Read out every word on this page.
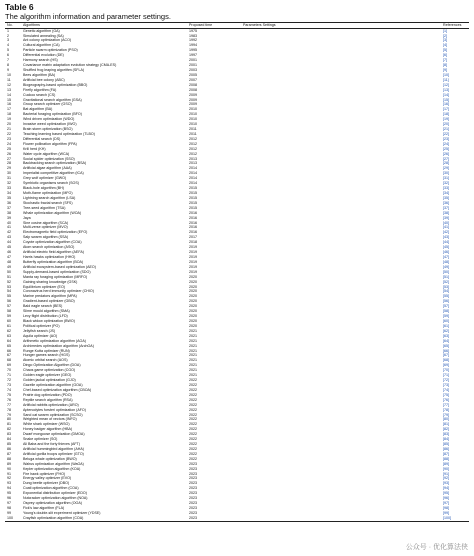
Table 6
The algorithm information and parameter settings.
No.	Algorithms	Proposed time	Parameters Settings	References
1	Genetic algorithm (GA)	1975		[1]
2	Simulated annealing (SA)	1983		[2]
3	Ant colony optimization (ACO)	1992		[3]
4	Cultural algorithm (CA)	1994		[4]
5	Particle swarm optimization (PSO)	1995		[5]
6	Differential evolution (DE)	1997		[6]
7	Harmony search (HS)	2001		[7]
8	Covariance matrix adaptation evolution strategy (CMA-ES)	2001		[8]
9	Shuffled frog leaping algorithm (SFLA)	2003		[9]
10	Bees algorithm (BA)	2005		[10]
11	Artificial bee colony (ABC)	2007		[11]
12	Biogeography-based optimization (BBO)	2008		[12]
13	Firefly algorithm (FA)	2008		[13]
14	Cuckoo search (CS)	2009		[14]
15	Gravitational search algorithm (GSA)	2009		[15]
16	Group search optimizer (GSO)	2009		[16]
17	Bat algorithm (BA)	2010		[17]
18	Bacterial foraging optimization (BFO)	2010		[18]
19	Wind driven optimization (WDO)	2010		[19]
20	Invasive weed optimization (IWO)	2010		[20]
21	Brain storm optimization (BSO)	2011		[21]
22	Teaching learning based optimization (TLBO)	2011		[22]
23	Differential search (DS)	2012		[23]
24	Flower pollination algorithm (FPA)	2012		[24]
25	Krill herd (KH)	2012		[25]
26	Water cycle algorithm (WCA)	2012		[26]
27	Social spider optimization (SSO)	2013		[27]
28	Backtracking search optimization (BSA)	2013		[28]
29	Artificial algae algorithm (AAA)	2014		[29]
30	Imperialist competitive algorithm (ICA)	2014		[30]
31	Grey wolf optimizer (GWO)	2014		[31]
32	Symbiotic organisms search (SOS)	2014		[32]
33	Black-hole algorithm (BH)	2015		[33]
34	Moth-flame optimization (MFO)	2015		[34]
35	Lightning search algorithm (LSA)	2015		[35]
36	Stochastic fractal search (SFS)	2015		[36]
37	Tree-seed algorithm (TSA)	2015		[37]
38	Whale optimization algorithm (WOA)	2016		[38]
39	Jaya	2016		[39]
40	Sine cosine algorithm (SCA)	2016		[40]
41	Multi-verse optimizer (MVO)	2016		[41]
42	Electromagnetic field optimization (EFO)	2016		[42]
43	Salp swarm algorithm (SSA)	2017		[43]
44	Coyote optimization algorithm (COA)	2018		[44]
45	Atom search optimization (ASO)	2019		[45]
46	Artificial electric field algorithm (AEFA)	2019		[46]
47	Harris hawks optimization (HHO)	2019		[47]
48	Butterfly optimization algorithm (BOA)	2019		[48]
49	Artificial ecosystem-based optimization (AEO)	2019		[49]
50	Supply-demand-based optimization (SDO)	2019		[50]
51	Manta ray foraging optimization (MRFO)	2020		[51]
52	Gaining sharing knowledge (GSK)	2020		[52]
53	Equilibrium optimizer (EO)	2020		[53]
54	Coronavirus herd immunity optimizer (CHIO)	2020		[54]
55	Marine predators algorithm (MPA)	2020		[55]
56	Gradient-based optimizer (GBO)	2020		[56]
57	Bald eagle search (BES)	2020		[57]
58	Slime mould algorithm (SMA)	2020		[58]
59	Levy flight distribution (LFD)	2020		[59]
60	Black widow optimization (BWO)	2020		[60]
61	Political optimizer (PO)	2020		[61]
62	Jellyfish search (JS)	2021		[62]
63	Aquila optimizer (AO)	2021		[63]
64	Arithmetic optimization algorithm (AOA)	2021		[64]
65	Archimedes optimization algorithm (ArchOA)	2021		[65]
66	Runge Kutta optimizer (RUN)	2021		[66]
67	Hunger games search (HGS)	2021		[67]
68	Atomic orbital search (AOS)	2021		[68]
69	Dingo Optimization Algorithm (DOA)	2021		[69]
70	Chaos game optimization (CGO)	2021		[70]
71	Golden eagle optimizer (GEO)	2021		[71]
72	Golden jackal optimization (GJO)	2022		[72]
73	Gazelle optimization algorithm (GOA)	2022		[73]
74	Chef-based optimization algorithm (CBOA)	2022		[74]
75	Prairie dog optimization (PDO)	2022		[75]
76	Reptile search algorithm (RSA)	2022		[76]
77	Artificial rabbits optimization (ARO)	2022		[77]
78	Aptenodytes forsteri optimization (AFO)	2022		[78]
79	Sand cat swarm optimization (SCSO)	2022		[79]
80	Weighted mean of vectors (INFO)	2022		[80]
81	White shark optimizer (WSO)	2022		[81]
82	Honey badger algorithm (HBA)	2022		[82]
83	Dwarf mongoose optimization (DMOA)	2022		[83]
84	Snake optimizer (SO)	2022		[84]
85	Ali Baba and the forty thieves (AFT)	2022		[85]
86	Artificial hummingbird algorithm (AHA)	2022		[86]
87	Artificial gorilla troops optimizer (GTO)	2022		[87]
88	Beluga whale optimization (BWO)	2022		[88]
89	Walrus optimization algorithm (WaOA)	2023		[89]
90	Kepler optimization algorithm (KOA)	2023		[90]
91	Fire hawk optimizer (FHO)	2023		[91]
92	Energy valley optimizer (EVO)	2023		[92]
93	Dung beetle optimizer (DBO)	2023		[93]
94	Coati optimization algorithm (COA)	2023		[94]
95	Exponential distribution optimizer (EDO)	2023		[95]
96	Nutcracker optimization algorithm (NOA)	2023		[96]
97	Osprey optimization algorithm (OOA)	2023		[97]
98	Fick's law algorithm (FLA)	2023		[98]
99	Young's double-slit experiment optimizer (YDSE)	2023		[99]
100	Crayfish optimization algorithm (COA)	2023		[100]
公众号 · 优化算法侠
